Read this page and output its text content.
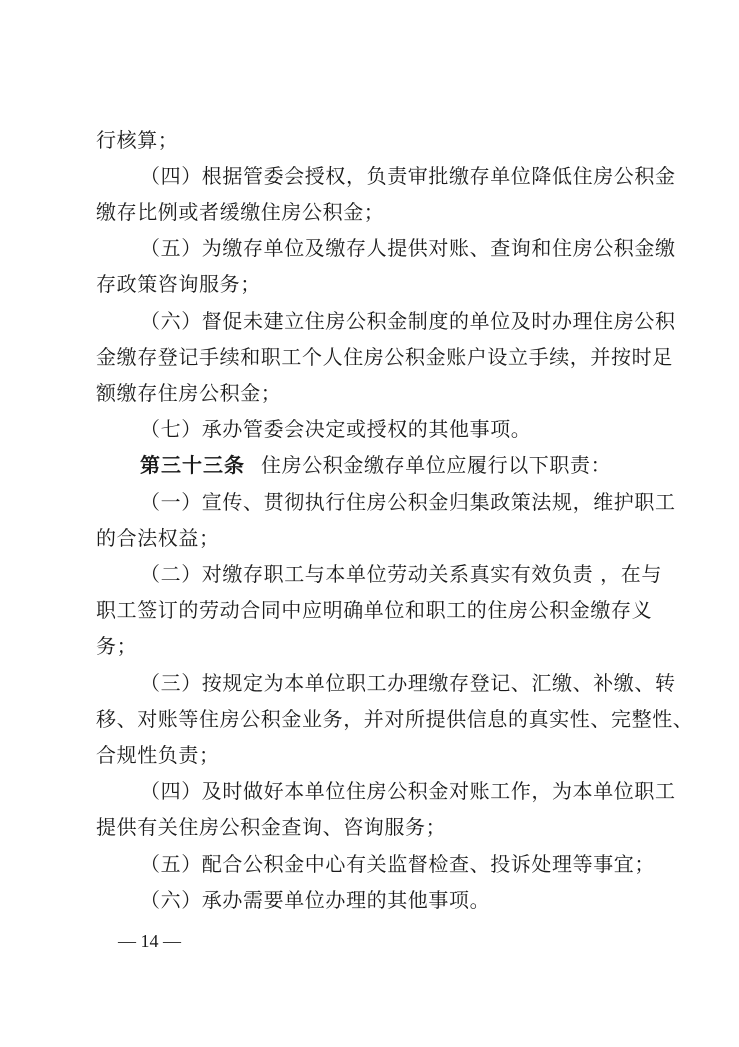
行核算；
（四）根据管委会授权，负责审批缴存单位降低住房公积金
缴存比例或者缓缴住房公积金；
（五）为缴存单位及缴存人提供对账、查询和住房公积金缴
存政策咨询服务；
（六）督促未建立住房公积金制度的单位及时办理住房公积
金缴存登记手续和职工个人住房公积金账户设立手续，并按时足
额缴存住房公积金；
（七）承办管委会决定或授权的其他事项。
第三十三条 住房公积金缴存单位应履行以下职责：
（一）宣传、贯彻执行住房公积金归集政策法规，维护职工
的合法权益；
（二）对缴存职工与本单位劳动关系真实有效负责 ，在与
职工签订的劳动合同中应明确单位和职工的住房公积金缴存义
务；
（三）按规定为本单位职工办理缴存登记、汇缴、补缴、转
移、对账等住房公积金业务，并对所提供信息的真实性、完整性、
合规性负责；
（四）及时做好本单位住房公积金对账工作，为本单位职工
提供有关住房公积金查询、咨询服务；
（五）配合公积金中心有关监督检查、投诉处理等事宜；
（六）承办需要单位办理的其他事项。
— 14 —
